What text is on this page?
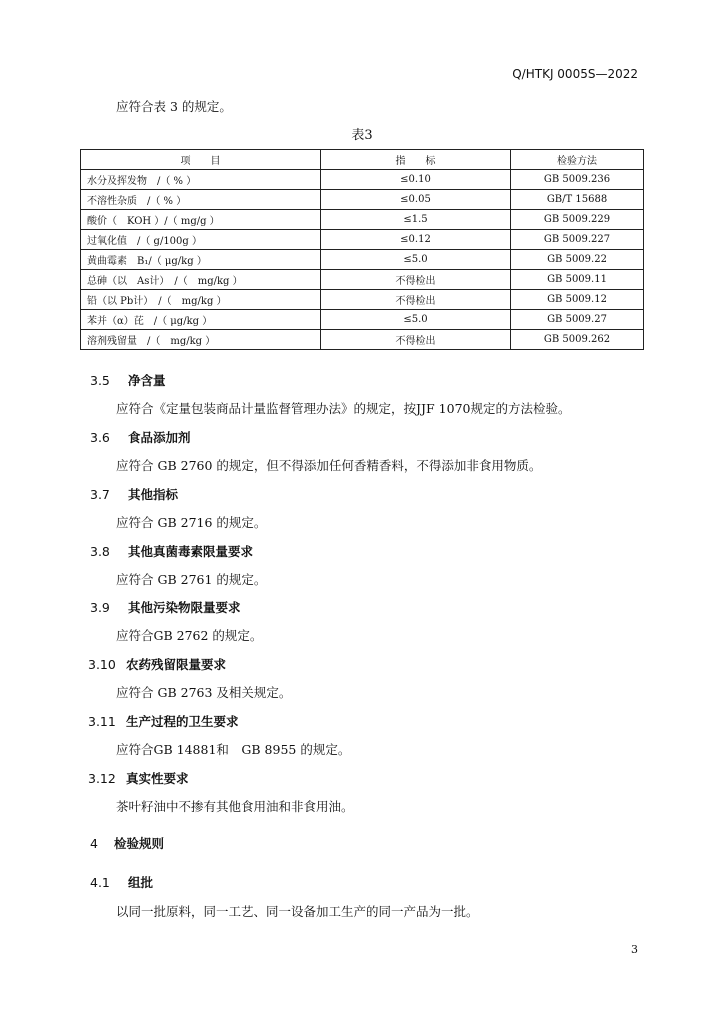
Q/HTKJ 0005S—2022
应符合表 3 的规定。
表3
项　　目	指　　标	检验方法
水分及挥发物　/（ % ）	≤0.10	GB 5009.236
不溶性杂质　/（ % ）	≤0.05	GB/T 15688
酸价（　KOH ）/（ mg/g ）	≤1.5	GB 5009.229
过氧化值　/（ g/100g ）	≤0.12	GB 5009.227
黄曲霉素　B₁/（ μg/kg ）	≤5.0	GB 5009.22
总砷（以　As计）　/（　mg/kg ）	不得检出	GB 5009.11
铅（以 Pb计）　/（　mg/kg ）	不得检出	GB 5009.12
苯并（α）芘　/（ μg/kg ）	≤5.0	GB 5009.27
溶剂残留量　/（　mg/kg ）	不得检出	GB 5009.262
3.5 净含量
应符合《定量包装商品计量监督管理办法》的规定，按JJF 1070规定的方法检验。
3.6 食品添加剂
应符合 GB 2760 的规定，但不得添加任何香精香料，不得添加非食用物质。
3.7 其他指标
应符合 GB 2716 的规定。
3.8 其他真菌毒素限量要求
应符合 GB 2761 的规定。
3.9 其他污染物限量要求
应符合GB 2762 的规定。
3.10 农药残留限量要求
应符合 GB 2763 及相关规定。
3.11 生产过程的卫生要求
应符合GB 14881和　GB 8955 的规定。
3.12 真实性要求
茶叶籽油中不掺有其他食用油和非食用油。
4 检验规则
4.1 组批
以同一批原料，同一工艺、同一设备加工生产的同一产品为一批。
3
